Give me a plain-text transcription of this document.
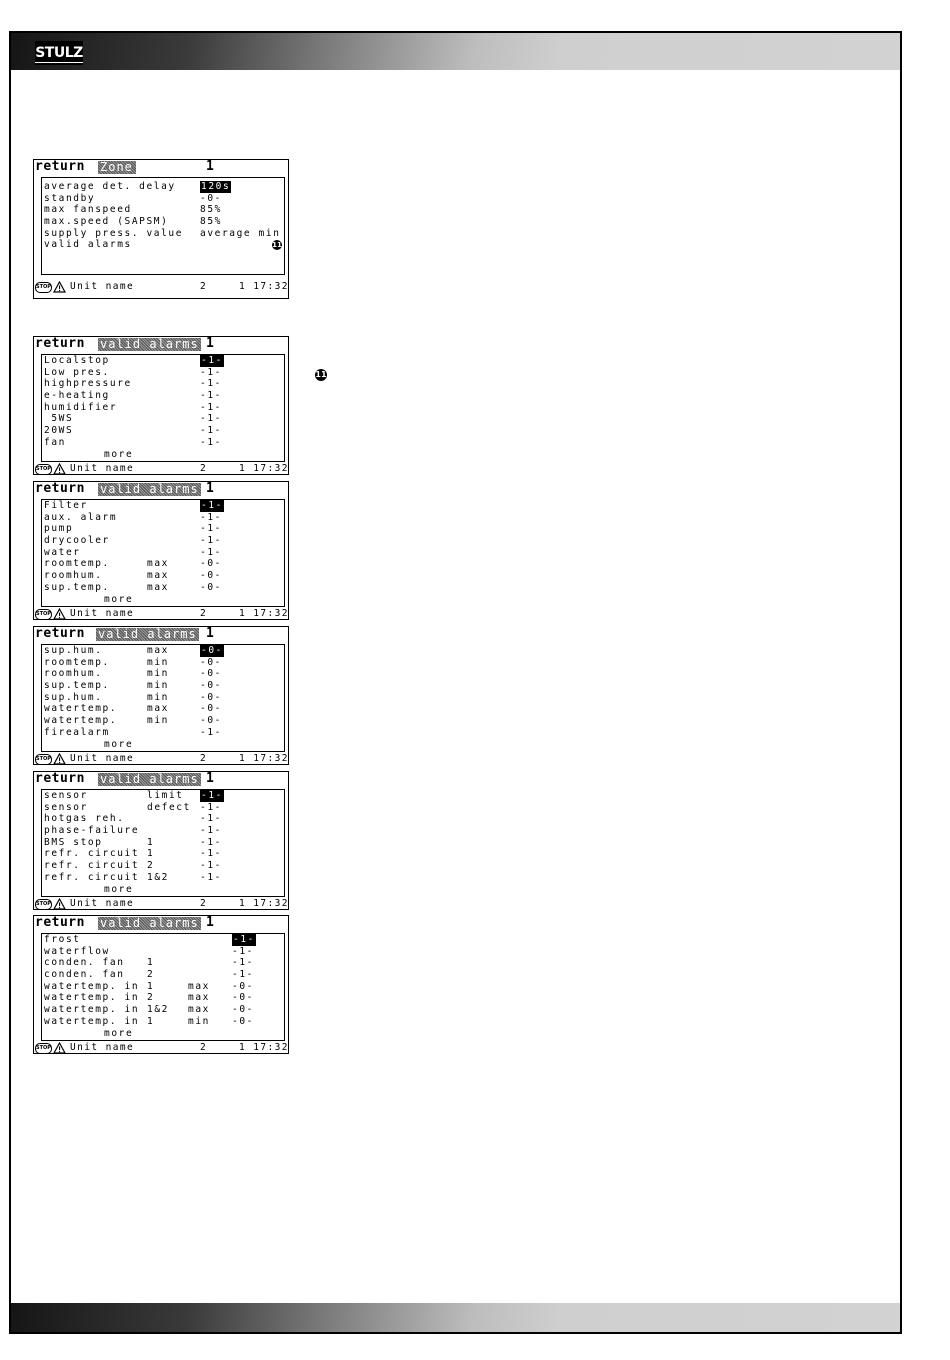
STULZ
return Zone	1
average det. delay	120s
standby	-0-
max fanspeed	85%
max.speed (SAPSM)	85%
supply press. value average min
valid alarms	11
STOP Unit name	2	1 17:32
return valid alarms 1
Localstop	-1-
Low pres.	-1-
highpressure	-1-
e-heating	-1-
humidifier	-1-
5WS	-1-
20WS	-1-
fan	-1-
more
STOP Unit name	2	1 17:32
return valid alarms 1
Filter	-1-
aux. alarm	-1-
pump	-1-
drycooler	-1-
water	-1-
roomtemp.	max	-0-
roomhum.	max	-0-
sup.temp.	max	-0-
more
STOP Unit name	2	1 17:32
return valid alarms 1
sup.hum.	max	-0-
roomtemp.	min	-0-
roomhum.	min	-0-
sup.temp.	min	-0-
sup.hum.	min	-0-
watertemp.	max	-0-
watertemp.	min	-0-
firealarm	-1-
more
STOP Unit name	2	1 17:32
return valid alarms 1
sensor	limit -1-
sensor	defect -1-
hotgas reh.	-1-
phase-failure	-1-
BMS stop	1	-1-
refr. circuit 1	-1-
refr. circuit 2	-1-
refr. circuit 1&2	-1-
more
STOP Unit name	2	1 17:32
return valid alarms 1
frost	-1-
waterflow	-1-
conden. fan 1	-1-
conden. fan 2	-1-
watertemp. in 1	max -0-
watertemp. in 2	max -0-
watertemp. in 1&2 max -0-
watertemp. in 1	min -0-
more
STOP Unit name	2	1 17:32
11
